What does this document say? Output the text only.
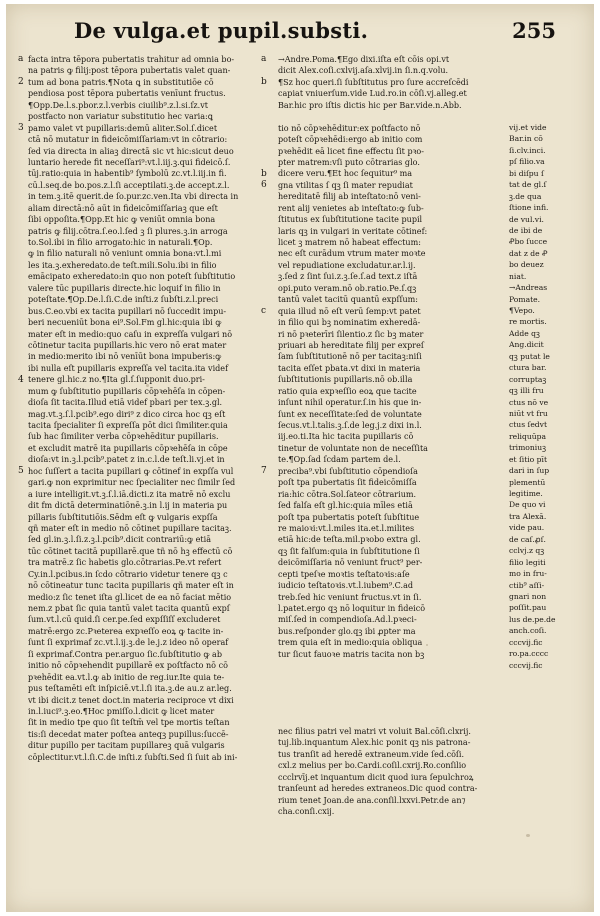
De vulga.et pupil.substi.	255
facta intra tēpora pubertatis trahitur ad omnia bo-
na patris ꝙ filij:post tēpora pubertatis valet quan-
tum ad bona patris.¶Nota ꝗ in substitutiōe cō
pendiosa post tēpora pubertatis venīunt fructus.
¶Opp.De.l.s.pbor.z.l.verbis ciuilib⁹.z.l.si.ſz.vt
postfacto non variatur substitutio hec varia:ꝗ
pamo valet vt pupillaris:demū aliter.Sol.ſ.dicet
ctā nō mutatur in fideicōmiſſariam:vt in cōtrario:
ſed via directa in aliaꝫ directā sic vt hic:sicut deuo
luntario herede fit neceſſari⁹:vt.l.iij.ꝫ.qui fideicō.ſ.
tūj.ratio:quia in habentib⁹ ſymbolū zc.vt.l.iij.in fi.
cū.l.seq.de bo.pos.z.l.ſi acceptilati.ꝫ.de accept.z.l.
in tem.ꝫ.itē querit.de ſo.pur.zc.ven.Ita vbi directa in
aliam directā:nō aūt in fideicōmiſſariaꝫ que eſt
ſibi oppoſita.¶Opp.Et hic ꝙ veniūt omnia bona
patris ꝙ filij.cōtra.ſ.eo.l.ſed ꝫ ſi plures.ꝫ.in arroga
to.Sol.ibi in filio arrogato:hic in naturali.¶Op.
ꝙ in filio naturali nō veniunt omnia bona:vt.l.mi
les ita.ꝫ.exheredato.de teſt.mili.Solu.ibi in filio
emācipato exheredato:in quo non poteſt ſubſtitutio
valere tūc pupillaris directe.hic loquif in filio in
poteſtate.¶Op.De.l.ſi.C.de inſti.z ſubſti.z.l.preci
bus.C.eo.vbi ex tacita pupillari nō ſuccedit impu-
beri necueniūt bona ei⁹.Sol.Fm gl.hic:quia ibi ꝙ
mater eſt in medio:quo caſu in expreſſa vulgari nō
cōtinetur tacita pupillaris.hic vero nō erat mater
in medio:merito ibi nō venīūt bona impuberis:ꝙ
ibi nulla eſt pupillaris expreſſa vel tacita.ita videf
tenere gl.hic.z no.¶Ita gl.ſ.ſupponit duo.pri-
mum ꝙ ſubſtitutio pupillaris cōpꝛehēſa in cōpen-
dioſa ſit tacita.Illud etiā videf pbari per tex.ꝫ.gl.
mag.vt.ꝫ.ſ.l.pcib⁹.ego diri⁹ z dico circa hoc qꝫ eſt
tacita ſpecialiter ſi expreſſa pōt dici ſimiliter.quia
ſub hac ſimiliter verba cōpꝛehēditur pupillaris.
et excludit matrē ita pupillaris cōpꝛehēſa in cōpe
dioſa:vt in.ꝫ.l.pcib⁹.patet z in.c.l.de teſt.li.vj.et in
hoc ſuſſert a tacita pupillari ꝙ cōtinef in expſſa vul
gari.ꝙ non exprimitur nec ſpecialiter nec ſimilr ſed
a iure intelligit.vt.ꝫ.ſ.l.iā.dicti.z ita matrē nō exclu
dit fm dictā determinatiōnē.ꝫ.in l.ij in materia pu
pillaris ſubſtitutiōis.Sēdm eſt ꝙ vulgaris expſſa
qñ mater eſt in medio nō cōtinet pupillare tacitaꝫ.
ſed gl.in.ꝫ.l.ſi.z.ꝫ.l.pcib⁹.dicit contrariū:ꝙ etiā
tūc cōtinet tacitā pupillarē.que tñ nō hꝫ effectū cō
tra matrē.z ſic habetis glo.cōtrarias.Pe.vt refert
Cy.in.l.pcibus.in ſcdo cōtrario videtur tenere qꝫ c
nō cōtineatur tunc tacita pupillaris qñ mater eſt in
medio:z ſic tenet iſta gl.licet de ea nō faciat mētio
nem.z pbat ſic quia tantū valet tacita quantū expſ
ſum.vt.l.cū quid.ſi cer.pe.ſed expſſiſſ excluderet
matrē:ergo zc.Pꝛeterea expꝛeſſo eoꝝ ꝙ tacite in-
ſunt ſi exprimaf zc.vt.l.ij.ꝫ.de le.j.z ideo nō operaf
ſi exprimaf.Contra per.arguo ſic.ſubſtitutio ꝙ ab
initio nō cōpꝛehendit pupillarē ex poſtfacto nō cō
pꝛehēdit ea.vt.l.ꝙ ab initio de reg.iur.Ite quia te-
pus teſtamēti eſt inſpiciē.vt.l.ſi ita.ꝫ.de au.z ar.leg.
vt ibi dicit.z tenet doct.in materia reciproce vt dixi
in.l.iuci⁹.ꝫ.eo.¶Hoc pmiſſo.l.dicit ꝙ licet mater
ſit in medio tpe quo ſit teſtm̄ vel tpe mortis teſtan
tis:ſi decedat mater poſtea anteqꝫ pupillus:ſuccē-
ditur pupillo per tacitam pupillareꝫ quā vulgaris
cōplectitur.vt.l.ſi.C.de inſti.z ſubſti.Sed ſi ſuit ab ini-
→Andre.Poma.¶Ego dixi.iſta eſt cōis opi.vt
dicit Alex.coſi.cxlvij.aſa.xlvij.in ſi.n.q.volu.
¶Sz hoc queri.ſi ſubſtitutus pro ſure accreſcēdi
capiat vniuerſum.vide Lud.ro.in cōſi.vj.alleg.et
Bar.hic pro iſtis dictis hic per Bar.vide.n.Abb.
tio nō cōpꝛehēditur:ex poſtfacto nō
poteſt cōpꝛehēdi:ergo ab initio com
pꝛehēdit eā licet fine effectu ſit pꝛo-
pter matrem:vſi puto cōtrarias glo.
dicere veru.¶Et hoc ſequitur⁹ ma
gna vtilitas ſ qꝫ ſi mater repudiat
hereditatē filij ab inteſtato:nō veni-
rent alij venietes ab inteſtato:ꝙ ſub-
ſtitutus ex ſubſtitutione tacite pupil
laris qꝫ in vulgari in veritate cōtinef:
licet ꝫ matrem nō habeat effectum:
nec eſt curādum vtrum mater moꝛte
vel repudiatione excludatur.ar.l.ij.
ꝫ.ſed z ſint ſui.z.ꝫ.ſe.ſ.ad text.z iſtā
opi.puto veram.nō ob.ratio.Pe.ſ.qꝫ
tantū valet tacitū quantū expſſum:
quia illud nō eſt verū ſemp:vt patet
in filio qui bꝫ nominatim exheredā-
ri nō pꝛeterīri ſilentio.z ſic bꝫ mater
priuari ab hereditate filij per expreſ
ſam ſubſtitutionē nō per tacitaꝫ:niſi
tacita eſſet pbata.vt dixi in materia
ſubſtitutionis pupillaris.nō ob.illa
ratio quia expꝛeſſio eoꝝ que tacite
inſunt nihil operatur.ſ.in his que in-
ſunt ex neceſſitate:ſed de voluntate
ſecus.vt.l.talis.ꝫ.ſ.de leg.j.z dixi in.l.
iij.eo.ti.Ita hic tacita pupillaris cō
tinetur de voluntate non de neceſſita
te.¶Op.ſad ſcdam partem de.l.
preciba⁹.vbi ſubſtitutio cōpendioſa
poſt tpa pubertatis ſit fideicōmiſſa
ria:hic cōtra.Sol.ſateor cōtrarium.
ſed falſa eſt gl.hic:quia mīles etiā
poſt tpa pubertatis poteſt ſubſtitue
re maioꝛi:vt.l.miles ita.et.l.milites
etiā hic:de teſta.mil.pꝛobo extra gl.
qꝫ ſit falſum:quia in ſubſtitutione ſi
deicōmiſſaria nō veniunt fruct⁹ per-
cepti tpeſꝛe moꝛtis teſtatoꝛis:aſe
iudicio teſtatoꝛis.vt.l.iubem⁹.C.ad
treb.ſed hic veniunt fructus.vt in ſi.
l.patet.ergo qꝫ nō loquitur in fideicō
miſ.ſed in compendioſa.Ad.l.pꝛeci-
bus.reſponder glo.qꝫ ibi ꝓpter ma
trem quia eſt in medio:quia obliqua
tur ſicut fauoꝛe matris tacita non bꝫ
vij.et vide
Bar.in cō
ſi.clv.inci.
pſ filio.va
bi diſpu ſ
tat de gl.ſ
ꝫ.de qua
ſtione infi.
de vul.vi.
de ibi de
Ꝓbo ſucce
dat z de Ꝓ
bo deuez
niat.
→Andreas
Pomate.
¶Vepo.
re mortis.
Adde qꝫ
Ang.dicit
qꝫ putat le
ctura bar.
corruptaꝫ
qꝫ illi fru
ctus nō ve
niūt vt fru
ctus ſedvt
reliquūpa
trimoniuꝫ
et ſitio pīt
dari in ſup
plementū
legitime.
De quo vi
tra Alexā.
vide pau.
de caſ.ꝓſ.
cclvj.z qꝫ
filio legiti
mo in fru-
ctib⁹ aſſi-
gnari non
poſſit.pau
lus de.pe.de
anch.coſi.
cccvij.fic
ro.pa.cccc
cccvij.fic
nec filius patri vel matri vt voluit Bal.cōſi.clxrij.
tuj.lib.inquantum Alex.hic ponit qꝫ nis patrona-
tus tranſit ad heredē extraneum.vide ſed.cōſi.
cxl.z melius per bo.Cardi.coſil.cxrij.Ro.conſilio
ccclrvīj.et inquantum dicit quod iura ſepulchroꝝ
tranſeunt ad heredes extraneos.Dic quod contra-
rium tenet Joan.de ana.conſil.lxxvi.Petr.de an⁊
cha.conſi.cxij.
a
2
3
4
5
a
b
6
b
c
7
